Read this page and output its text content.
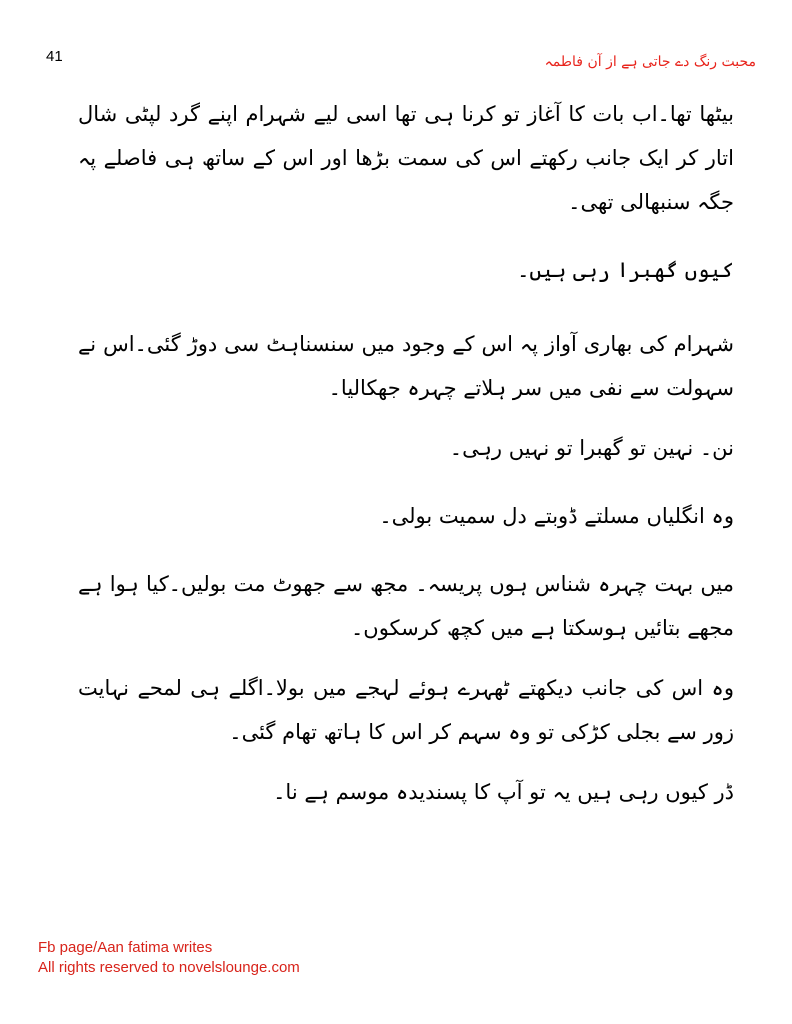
41	محبت رنگ دے جاتی ہے از آن فاطمہ

بیٹھا تھا۔اب بات کا آغاز تو کرنا ہی تھا اسی لیے شہرام اپنے گرد لپٹی شال اتار کر ایک جانب رکھتے اس کی سمت بڑھا اور اس کے ساتھ ہی فاصلے پہ جگہ سنبھالی تھی۔

کیوں گھبرا رہی ہیں۔

شہرام کی بھاری آواز پہ اس کے وجود میں سنسناہٹ سی دوڑ گئی۔اس نے سہولت سے نفی میں سر ہلاتے چہرہ جھکالیا۔

نن۔ نہین تو گھبرا تو نہیں رہی۔

وہ انگلیاں مسلتے ڈوبتے دل سمیت بولی۔

میں بہت چہرہ شناس ہوں پریسہ۔ مجھ سے جھوٹ مت بولیں۔کیا ہوا ہے مجھے بتائیں ہوسکتا ہے میں کچھ کرسکوں۔

وہ اس کی جانب دیکھتے ٹھہرے ہوئے لہجے میں بولا۔اگلے ہی لمحے نہایت زور سے بجلی کڑکی تو وہ سہم کر اس کا ہاتھ تھام گئی۔

ڈر کیوں رہی ہیں یہ تو آپ کا پسندیدہ موسم ہے نا۔

Fb page/Aan fatima writes
All rights reserved to novelslounge.com
